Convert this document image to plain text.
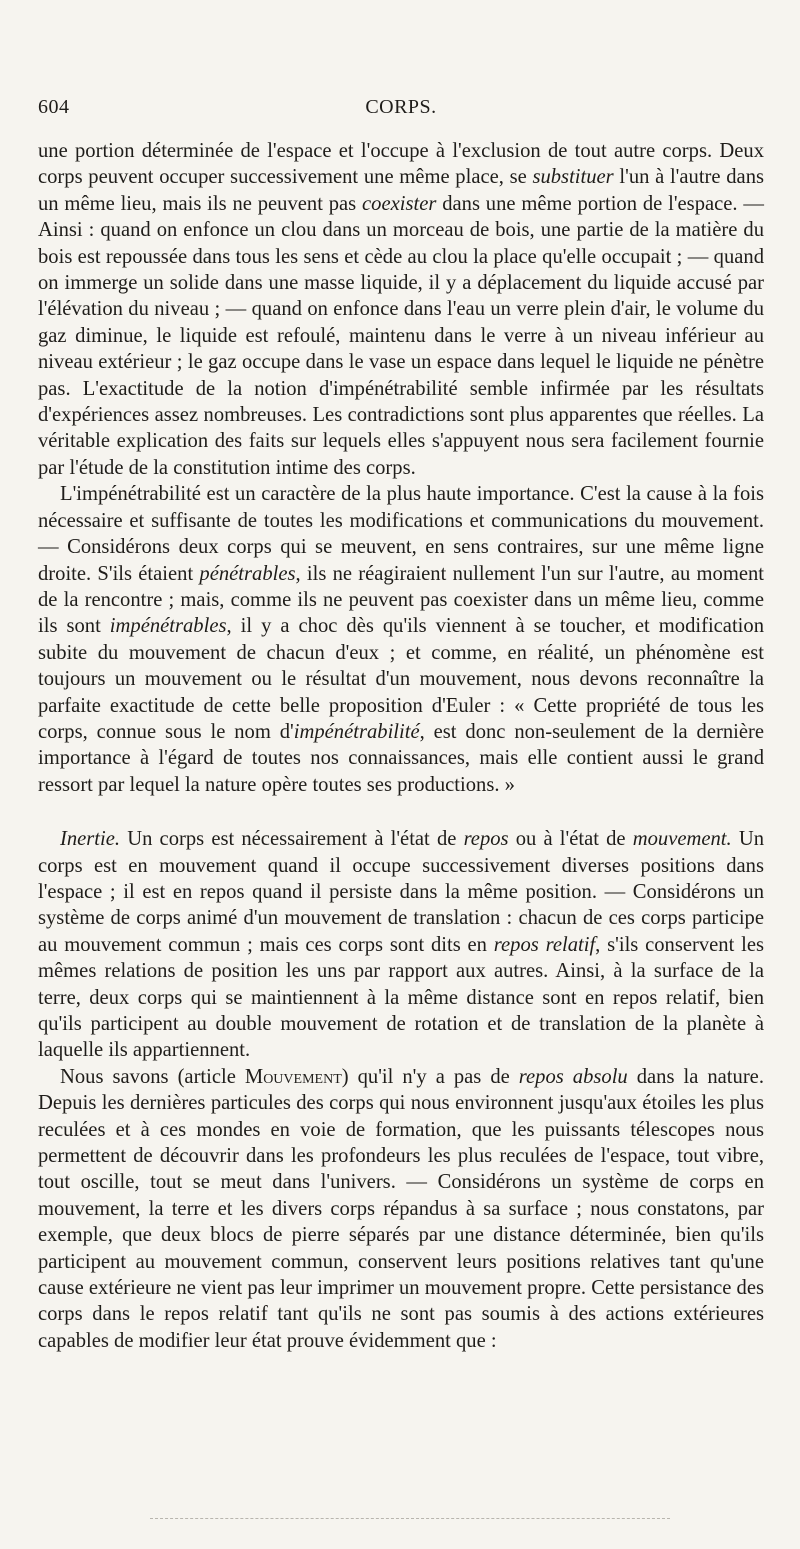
604	CORPS.

une portion déterminée de l'espace et l'occupe à l'exclusion de tout autre corps. Deux corps peuvent occuper successivement une même place, se substituer l'un à l'autre dans un même lieu, mais ils ne peuvent pas coexister dans une même portion de l'espace. — Ainsi : quand on enfonce un clou dans un morceau de bois, une partie de la matière du bois est repoussée dans tous les sens et cède au clou la place qu'elle occupait ; — quand on immerge un solide dans une masse liquide, il y a déplacement du liquide accusé par l'élévation du niveau ; — quand on enfonce dans l'eau un verre plein d'air, le volume du gaz diminue, le liquide est refoulé, maintenu dans le verre à un niveau inférieur au niveau extérieur ; le gaz occupe dans le vase un espace dans lequel le liquide ne pénètre pas. L'exactitude de la notion d'impénétrabilité semble infirmée par les résultats d'expériences assez nombreuses. Les contradictions sont plus apparentes que réelles. La véritable explication des faits sur lequels elles s'appuyent nous sera facilement fournie par l'étude de la constitution intime des corps.

L'impénétrabilité est un caractère de la plus haute importance. C'est la cause à la fois nécessaire et suffisante de toutes les modifications et communications du mouvement. — Considérons deux corps qui se meuvent, en sens contraires, sur une même ligne droite. S'ils étaient pénétrables, ils ne réagiraient nullement l'un sur l'autre, au moment de la rencontre ; mais, comme ils ne peuvent pas coexister dans un même lieu, comme ils sont impénétrables, il y a choc dès qu'ils viennent à se toucher, et modification subite du mouvement de chacun d'eux ; et comme, en réalité, un phénomène est toujours un mouvement ou le résultat d'un mouvement, nous devons reconnaître la parfaite exactitude de cette belle proposition d'Euler : « Cette propriété de tous les corps, connue sous le nom d'impénétrabilité, est donc non-seulement de la dernière importance à l'égard de toutes nos connaissances, mais elle contient aussi le grand ressort par lequel la nature opère toutes ses productions. »

Inertie. Un corps est nécessairement à l'état de repos ou à l'état de mouvement. Un corps est en mouvement quand il occupe successivement diverses positions dans l'espace ; il est en repos quand il persiste dans la même position. — Considérons un système de corps animé d'un mouvement de translation : chacun de ces corps participe au mouvement commun ; mais ces corps sont dits en repos relatif, s'ils conservent les mêmes relations de position les uns par rapport aux autres. Ainsi, à la surface de la terre, deux corps qui se maintiennent à la même distance sont en repos relatif, bien qu'ils participent au double mouvement de rotation et de translation de la planète à laquelle ils appartiennent.

Nous savons (article Mouvement) qu'il n'y a pas de repos absolu dans la nature. Depuis les dernières particules des corps qui nous environnent jusqu'aux étoiles les plus reculées et à ces mondes en voie de formation, que les puissants télescopes nous permettent de découvrir dans les profondeurs les plus reculées de l'espace, tout vibre, tout oscille, tout se meut dans l'univers. — Considérons un système de corps en mouvement, la terre et les divers corps répandus à sa surface ; nous constatons, par exemple, que deux blocs de pierre séparés par une distance déterminée, bien qu'ils participent au mouvement commun, conservent leurs positions relatives tant qu'une cause extérieure ne vient pas leur imprimer un mouvement propre. Cette persistance des corps dans le repos relatif tant qu'ils ne sont pas soumis à des actions extérieures capables de modifier leur état prouve évidemment que :
